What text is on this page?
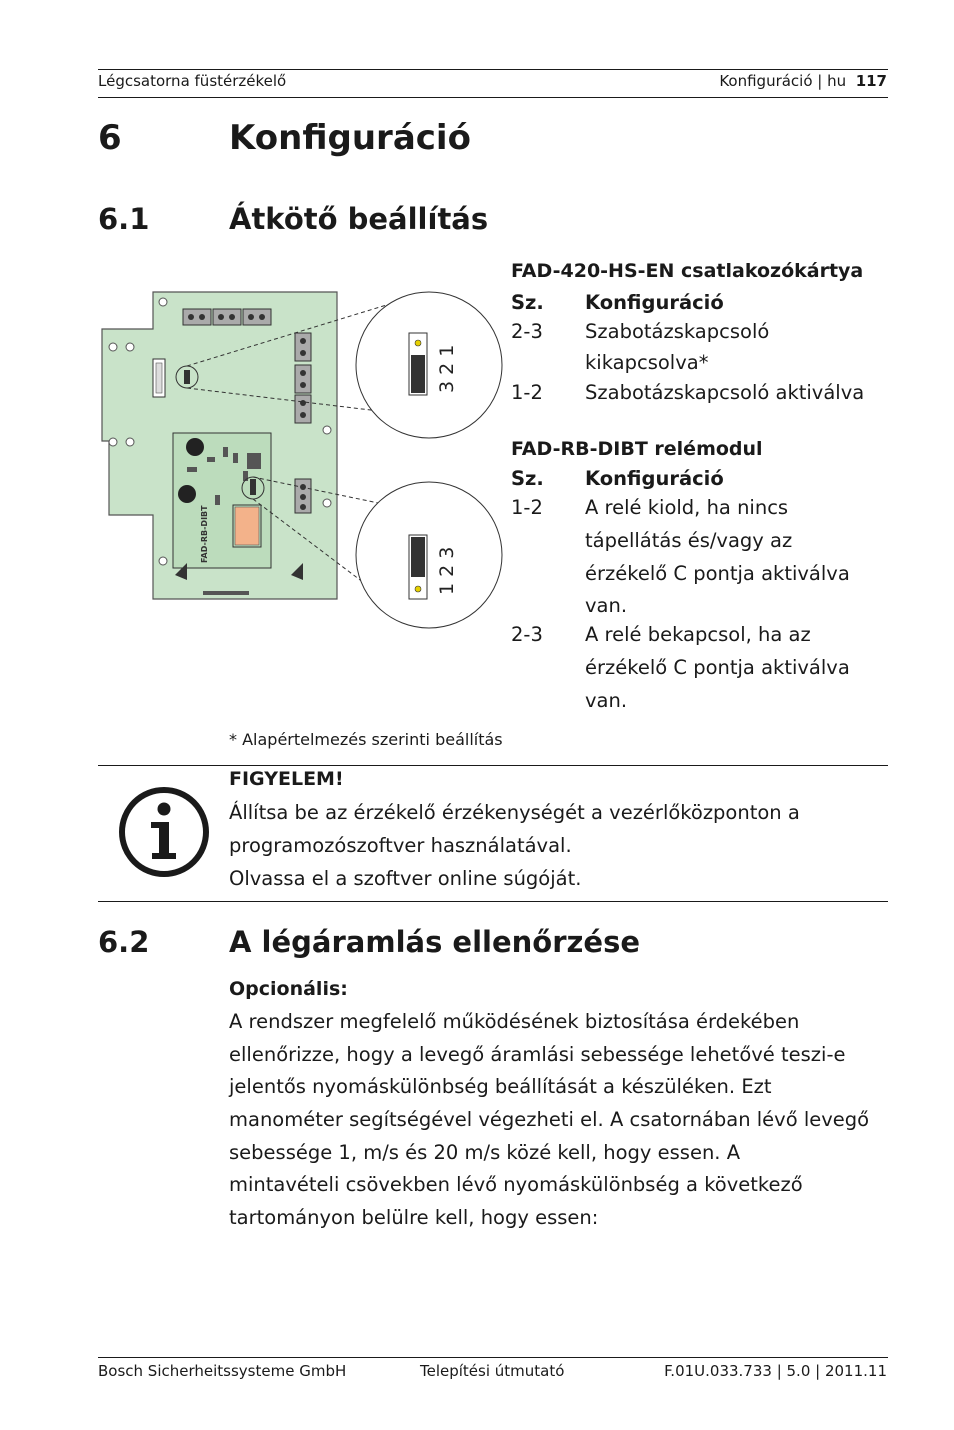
Légcsatorna füstérzékelő	Konfiguráció | hu 117
6	Konfiguráció
6.1	Átkötő beállítás
FAD-RB-DIBT
3 2 1
1 2 3
FAD-420-HS-EN csatlakozókártya
Sz. Konfiguráció
2-3 Szabotázskapcsoló
kikapcsolva*
1-2 Szabotázskapcsoló aktiválva
FAD-RB-DIBT relémodul
Sz. Konfiguráció
1-2 A relé kiold, ha nincs
tápellátás és/vagy az
érzékelő C pontja aktiválva
van.
2-3 A relé bekapcsol, ha az
érzékelő C pontja aktiválva
van.
* Alapértelmezés szerinti beállítás
FIGYELEM!
Állítsa be az érzékelő érzékenységét a vezérlőközponton a
programozószoftver használatával.
Olvassa el a szoftver online súgóját.
6.2	A légáramlás ellenőrzése
Opcionális:
A rendszer megfelelő működésének biztosítása érdekében
ellenőrizze, hogy a levegő áramlási sebessége lehetővé teszi-e
jelentős nyomáskülönbség beállítását a készüléken. Ezt
manométer segítségével végezheti el. A csatornában lévő levegő
sebessége 1, m/s és 20 m/s közé kell, hogy essen. A
mintavételi csövekben lévő nyomáskülönbség a következő
tartományon belülre kell, hogy essen:
Bosch Sicherheitssysteme GmbH	Telepítési útmutató	F.01U.033.733 | 5.0 | 2011.11
